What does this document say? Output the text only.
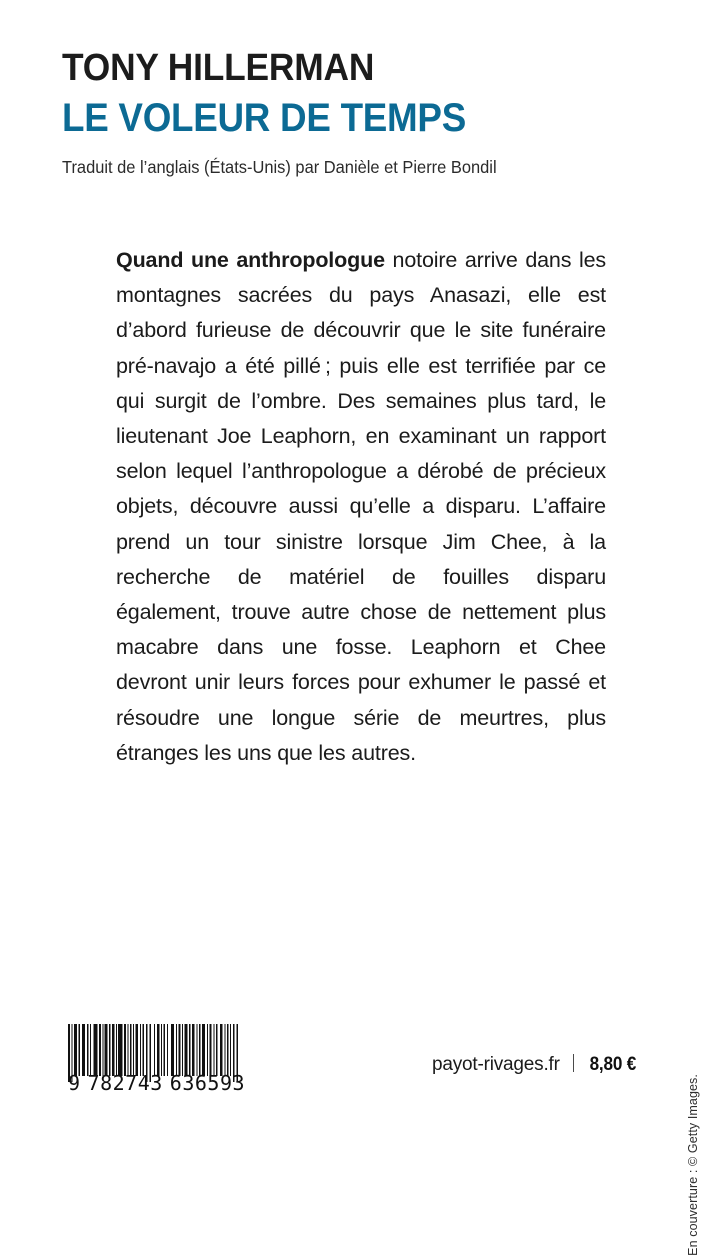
TONY HILLERMAN
LE VOLEUR DE TEMPS
Traduit de l’anglais (États-Unis) par Danièle et Pierre Bondil

Quand une anthropologue notoire arrive dans les montagnes sacrées du pays Anasazi, elle est d’abord furieuse de découvrir que le site funéraire pré-navajo a été pillé ; puis elle est terrifiée par ce qui surgit de l’ombre. Des semaines plus tard, le lieutenant Joe Leaphorn, en examinant un rapport selon lequel l’anthropologue a dérobé de précieux objets, découvre aussi qu’elle a disparu. L’affaire prend un tour sinistre lorsque Jim Chee, à la recherche de matériel de fouilles disparu également, trouve autre chose de nettement plus macabre dans une fosse. Leaphorn et Chee devront unir leurs forces pour exhumer le passé et résoudre une longue série de meurtres, plus étranges les uns que les autres.

En couverture : © Getty Images.
9 782743 636593
payot-rivages.fr 8,80 €
